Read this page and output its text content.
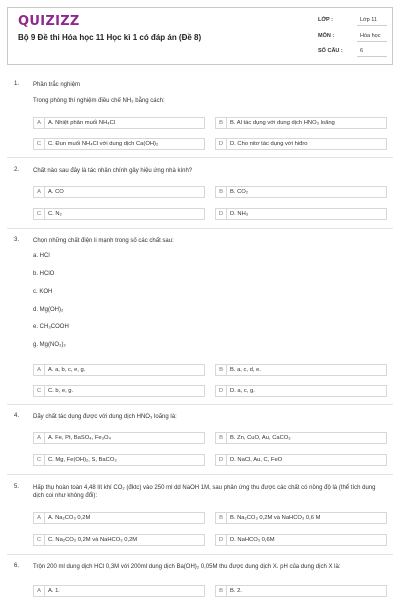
QUIZIZZ
Bộ 9 Đề thi Hóa học 11 Học kì 1 có đáp án (Đề 8)
LỚP :	Lớp 11
MÔN :	Hóa học
SỐ CÂU :	6
1. Phần trắc nghiệm
Trong phòng thí nghiệm điều chế NH₃ bằng cách:
A	A. Nhiệt phân muối NH₄Cl	B	B. Al tác dụng với dung dịch HNO₃ loãng
C	C. Đun muối NH₄Cl với dung dịch Ca(OH)₂	D	D. Cho nitơ tác dụng với hiđro
2. Chất nào sau đây là tác nhân chính gây hiệu ứng nhà kính?
A	A. CO	B	B. CO₂
C	C. N₂	D	D. NH₃
3. Chọn những chất điện li mạnh trong số các chất sau:
a. HCl
b. HClO
c. KOH
d. Mg(OH)₂
e. CH₃COOH
g. Mg(NO₃)₂
A	A. a, b, c, e, g.	B	B. a, c, d, e.
C	C. b, e, g.	D	D. a, c, g.
4. Dãy chất tác dụng được với dung dịch HNO₃ loãng là:
A	A. Fe, Pt, BaSO₄, Fe₃O₄	B	B. Zn, CuO, Au, CaCO₃
C	C. Mg, Fe(OH)₂, S, BaCO₃	D	D. NaCl, Au, C, FeO
5. Hấp thụ hoàn toàn 4,48 lít khí CO₂ (đktc) vào 250 ml dd NaOH 1M, sau phản ứng thu được các chất có nồng độ là (thể tích dung dịch coi như không đổi):
A	A. Na₂CO₃ 0,2M	B	B. Na₂CO₃ 0,2M và NaHCO₃ 0,6 M
C	C. Na₂CO₃ 0,2M và NaHCO₃ 0,2M	D	D. NaHCO₃ 0,6M
6. Trộn 200 ml dung dịch HCl 0,3M với 200ml dung dịch Ba(OH)₂ 0,05M thu được dung dịch X. pH của dung dịch X là:
A	A. 1.	B	B. 2.
